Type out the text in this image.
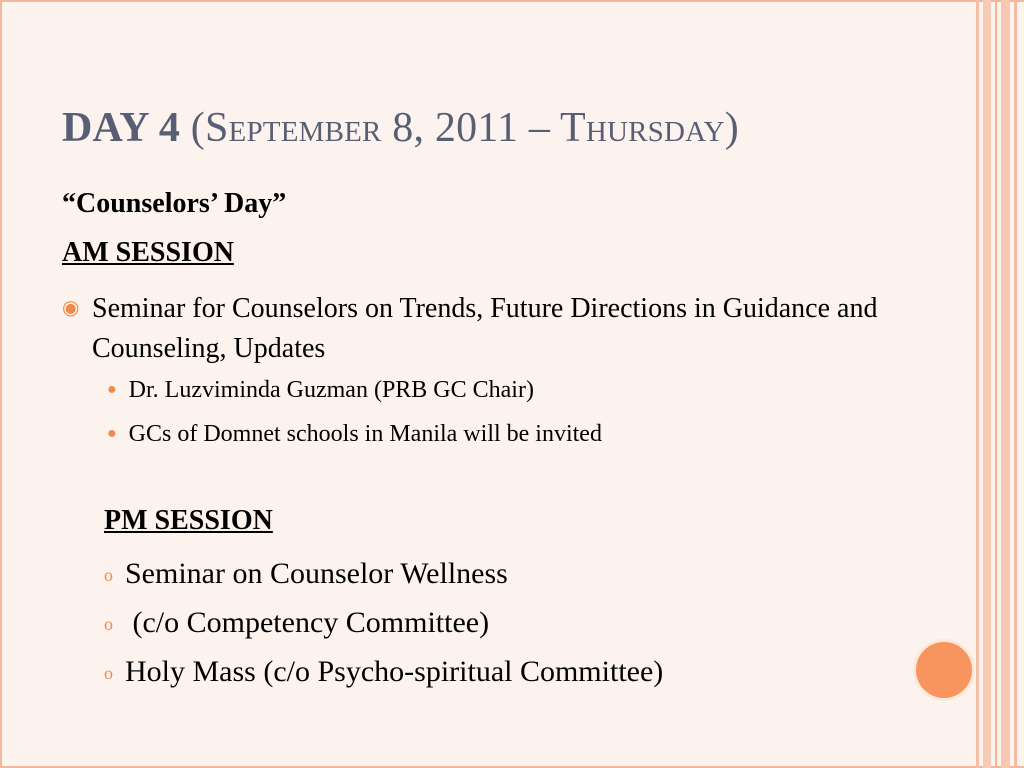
DAY 4 (September 8, 2011 – Thursday)
“Counselors’ Day”
AM SESSION
◉ Seminar for Counselors on Trends, Future Directions in Guidance and Counseling, Updates
● Dr. Luzviminda Guzman (PRB GC Chair)
● GCs of Domnet schools in Manila will be invited
PM SESSION
o Seminar on Counselor Wellness
o (c/o Competency Committee)
o Holy Mass (c/o Psycho-spiritual Committee)
